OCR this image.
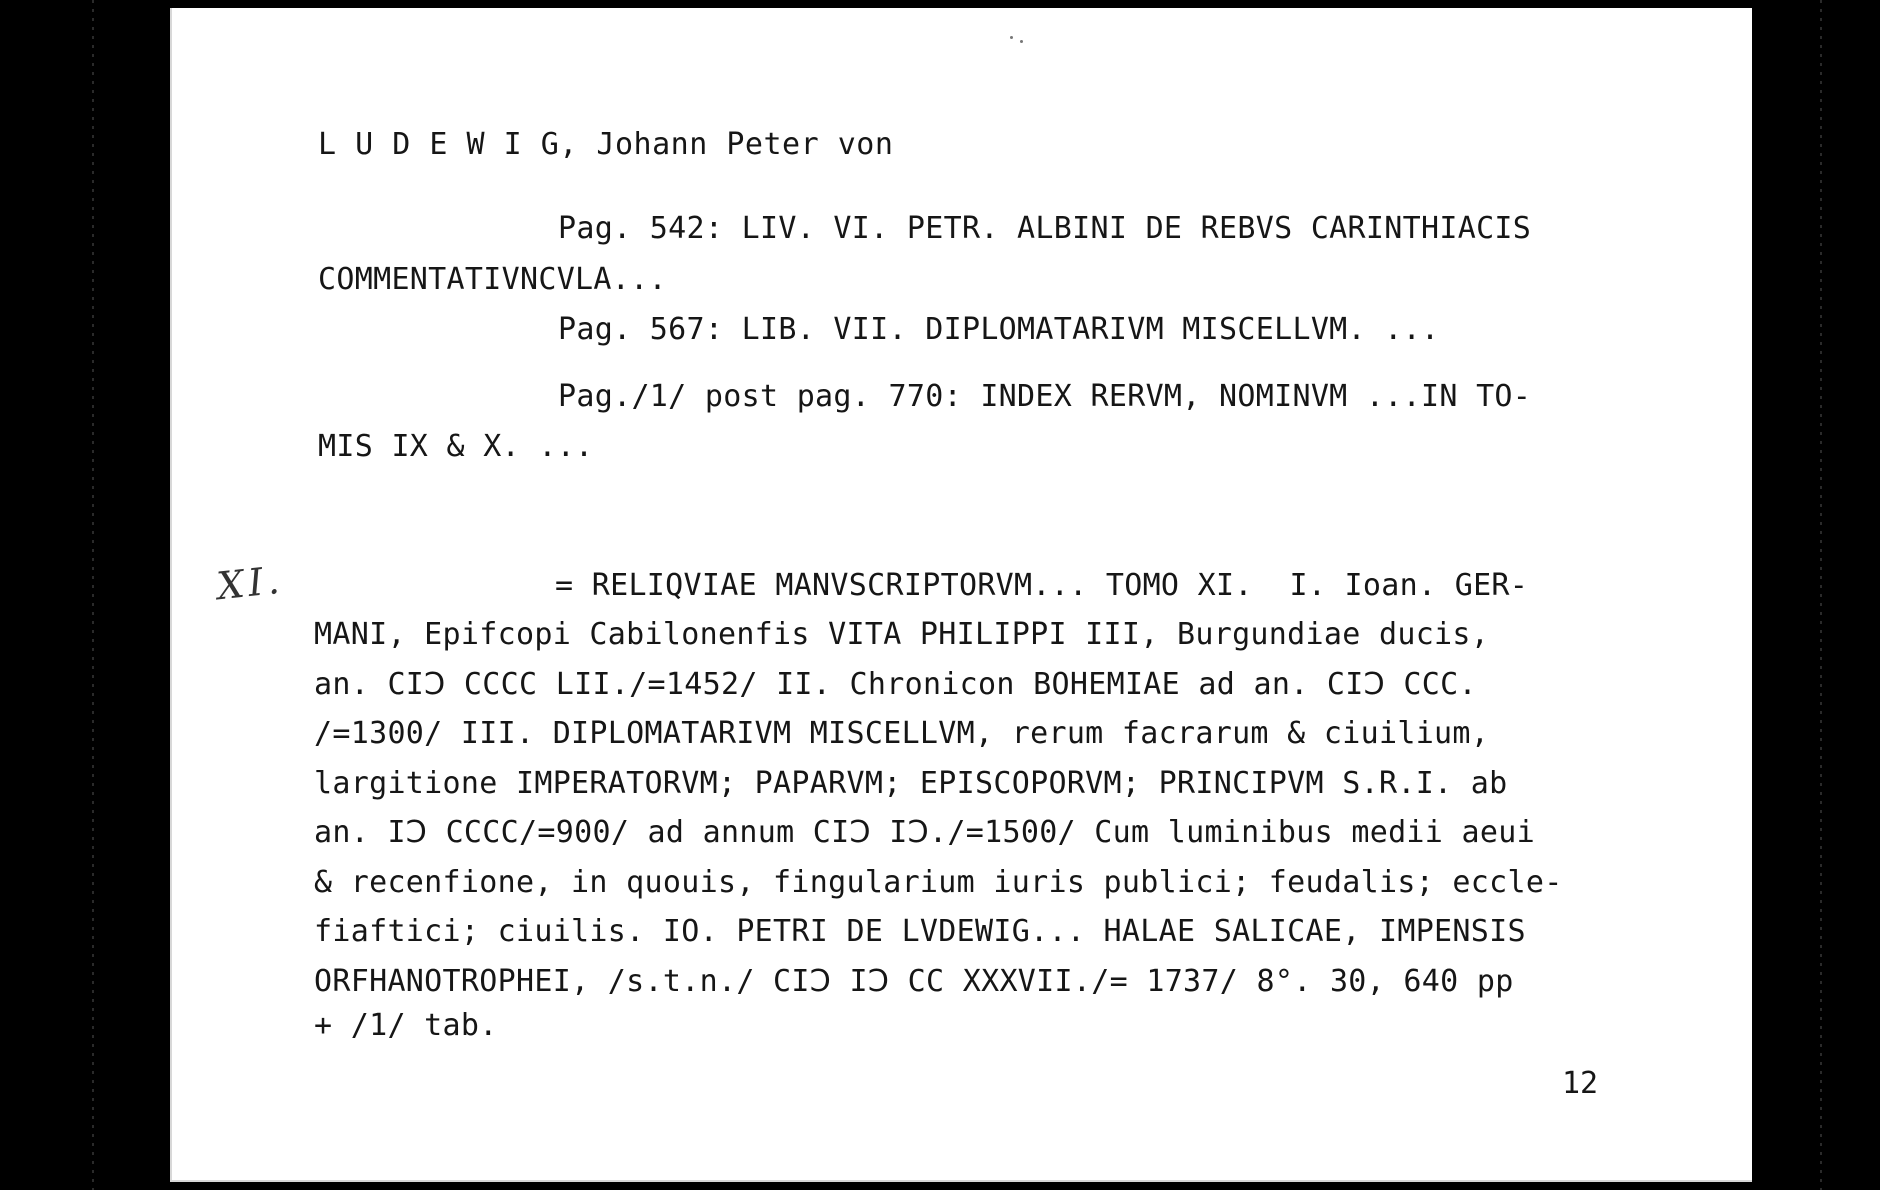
L U D E W I G, Johann Peter von
Pag. 542: LIV. VI. PETR. ALBINI DE REBVS CARINTHIACIS
COMMENTATIVNCVLA...
Pag. 567: LIB. VII. DIPLOMATARIVM MISCELLVM. ...
Pag./1/ post pag. 770: INDEX RERVM, NOMINVM ...IN TO-
MIS IX & X. ...
XI.	= RELIQVIAE MANVSCRIPTORVM... TOMO XI.  I. Ioan. GER-
MANI, Epifcopi Cabilonenfis VITA PHILIPPI III, Burgundiae ducis,
an. CIↃ CCCC LII./=1452/ II. Chronicon BOHEMIAE ad an. CIↃ CCC.
/=1300/ III. DIPLOMATARIVM MISCELLVM, rerum facrarum & ciuilium,
largitione IMPERATORVM; PAPARVM; EPISCOPORVM; PRINCIPVM S.R.I. ab
an. IↃ CCCC/=900/ ad annum CIↃ IↃ./=1500/ Cum luminibus medii aeui
& recenfione, in quouis, fingularium iuris publici; feudalis; eccle-
fiaftici; ciuilis. IO. PETRI DE LVDEWIG... HALAE SALICAE, IMPENSIS
ORFHANOTROPHEI, /s.t.n./ CIↃ IↃ CC XXXVII./= 1737/ 8°. 30, 640 pp
+ /1/ tab.
12
